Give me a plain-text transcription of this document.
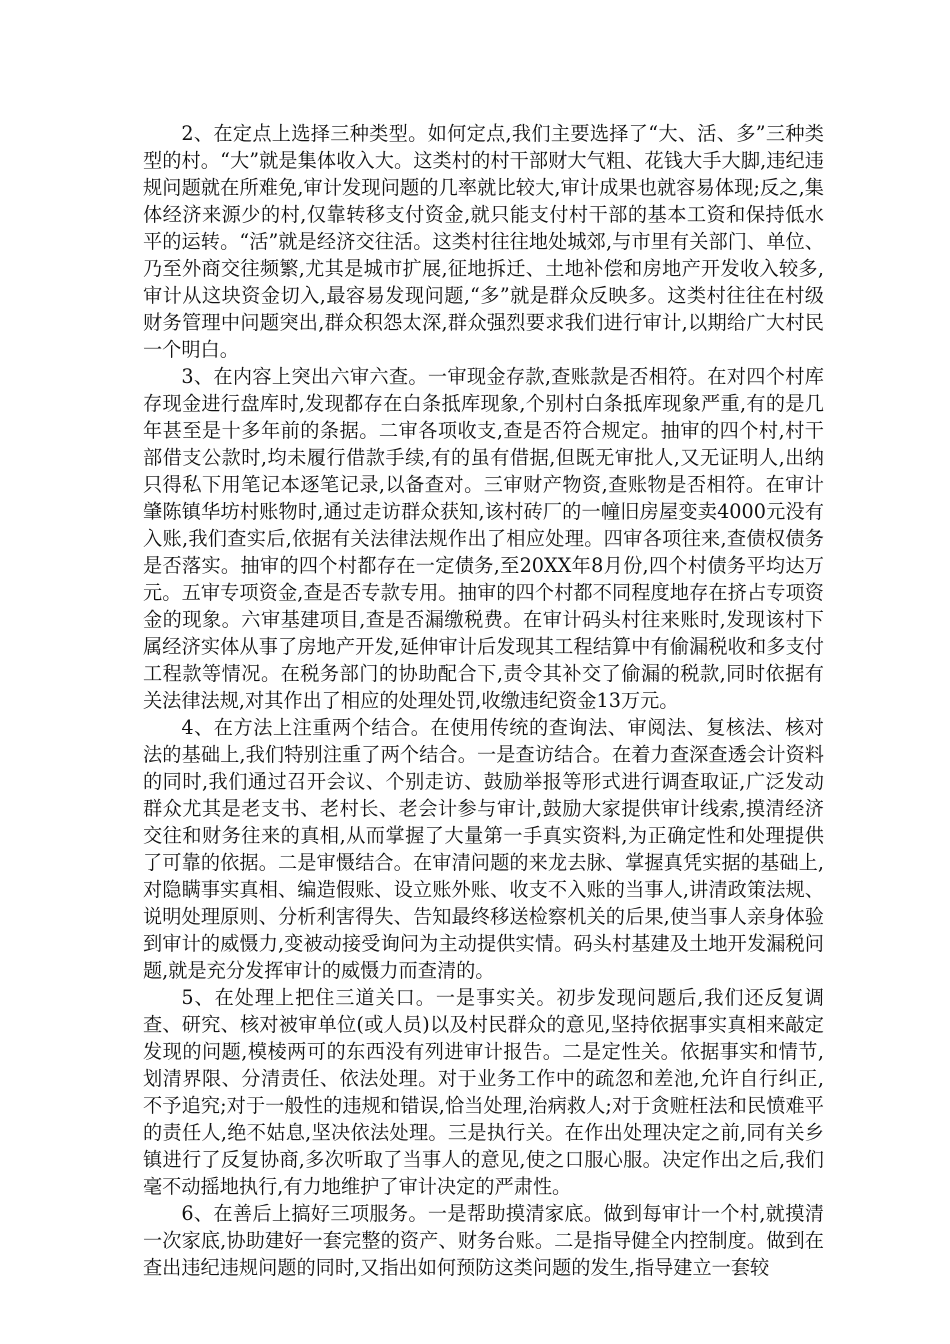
2、在定点上选择三种类型。如何定点,我们主要选择了“大、活、多”三种类型的村。“大”就是集体收入大。这类村的村干部财大气粗、花钱大手大脚,违纪违规问题就在所难免,审计发现问题的几率就比较大,审计成果也就容易体现;反之,集体经济来源少的村,仅靠转移支付资金,就只能支付村干部的基本工资和保持低水平的运转。“活”就是经济交往活。这类村往往地处城郊,与市里有关部门、单位、乃至外商交往频繁,尤其是城市扩展,征地拆迁、土地补偿和房地产开发收入较多,审计从这块资金切入,最容易发现问题,“多”就是群众反映多。这类村往往在村级财务管理中问题突出,群众积怨太深,群众强烈要求我们进行审计,以期给广大村民一个明白。

3、在内容上突出六审六查。一审现金存款,查账款是否相符。在对四个村库存现金进行盘库时,发现都存在白条抵库现象,个别村白条抵库现象严重,有的是几年甚至是十多年前的条据。二审各项收支,查是否符合规定。抽审的四个村,村干部借支公款时,均未履行借款手续,有的虽有借据,但既无审批人,又无证明人,出纳只得私下用笔记本逐笔记录,以备查对。三审财产物资,查账物是否相符。在审计肇陈镇华坊村账物时,通过走访群众获知,该村砖厂的一幢旧房屋变卖4000元没有入账,我们查实后,依据有关法律法规作出了相应处理。四审各项往来,查债权债务是否落实。抽审的四个村都存在一定债务,至20XX年8月份,四个村债务平均达万元。五审专项资金,查是否专款专用。抽审的四个村都不同程度地存在挤占专项资金的现象。六审基建项目,查是否漏缴税费。在审计码头村往来账时,发现该村下属经济实体从事了房地产开发,延伸审计后发现其工程结算中有偷漏税收和多支付工程款等情况。在税务部门的协助配合下,责令其补交了偷漏的税款,同时依据有关法律法规,对其作出了相应的处理处罚,收缴违纪资金13万元。

4、在方法上注重两个结合。在使用传统的查询法、审阅法、复核法、核对法的基础上,我们特别注重了两个结合。一是查访结合。在着力查深查透会计资料的同时,我们通过召开会议、个别走访、鼓励举报等形式进行调查取证,广泛发动群众尤其是老支书、老村长、老会计参与审计,鼓励大家提供审计线索,摸清经济交往和财务往来的真相,从而掌握了大量第一手真实资料,为正确定性和处理提供了可靠的依据。二是审慑结合。在审清问题的来龙去脉、掌握真凭实据的基础上,对隐瞒事实真相、编造假账、设立账外账、收支不入账的当事人,讲清政策法规、说明处理原则、分析利害得失、告知最终移送检察机关的后果,使当事人亲身体验到审计的威慑力,变被动接受询问为主动提供实情。码头村基建及土地开发漏税问题,就是充分发挥审计的威慑力而查清的。

5、在处理上把住三道关口。一是事实关。初步发现问题后,我们还反复调查、研究、核对被审单位(或人员)以及村民群众的意见,坚持依据事实真相来敲定发现的问题,模棱两可的东西没有列进审计报告。二是定性关。依据事实和情节,划清界限、分清责任、依法处理。对于业务工作中的疏忽和差池,允许自行纠正,不予追究;对于一般性的违规和错误,恰当处理,治病救人;对于贪赃枉法和民愤难平的责任人,绝不姑息,坚决依法处理。三是执行关。在作出处理决定之前,同有关乡镇进行了反复协商,多次听取了当事人的意见,使之口服心服。决定作出之后,我们毫不动摇地执行,有力地维护了审计决定的严肃性。

6、在善后上搞好三项服务。一是帮助摸清家底。做到每审计一个村,就摸清一次家底,协助建好一套完整的资产、财务台账。二是指导健全内控制度。做到在查出违纪违规问题的同时,又指出如何预防这类问题的发生,指导建立一套较
